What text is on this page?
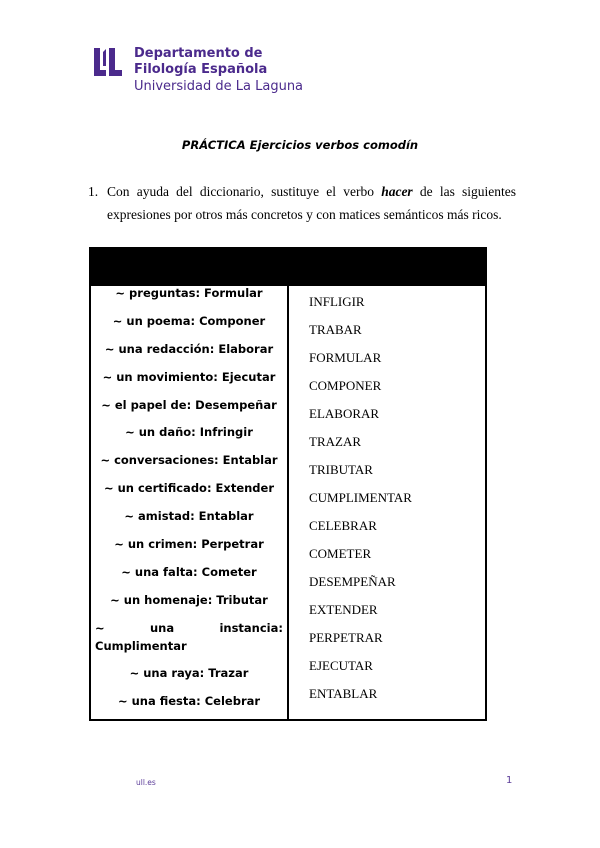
Departamento de
Filología Española
Universidad de La Laguna
PRÁCTICA Ejercicios verbos comodín
1. Con ayuda del diccionario, sustituye el verbo hacer de las siguientes expresiones por otros más concretos y con matices semánticos más ricos.
~ preguntas: Formular
~ un poema: Componer
~ una redacción: Elaborar
~ un movimiento: Ejecutar
~ el papel de: Desempeñar
~ un daño: Infringir
~ conversaciones: Entablar
~ un certificado: Extender
~ amistad: Entablar
~ un crimen: Perpetrar
~ una falta: Cometer
~ un homenaje: Tributar
~ una instancia: Cumplimentar
~ una raya: Trazar
~ una fiesta: Celebrar
INFLIGIR
TRABAR
FORMULAR
COMPONER
ELABORAR
TRAZAR
TRIBUTAR
CUMPLIMENTAR
CELEBRAR
COMETER
DESEMPEÑAR
EXTENDER
PERPETRAR
EJECUTAR
ENTABLAR
ull.es	1
